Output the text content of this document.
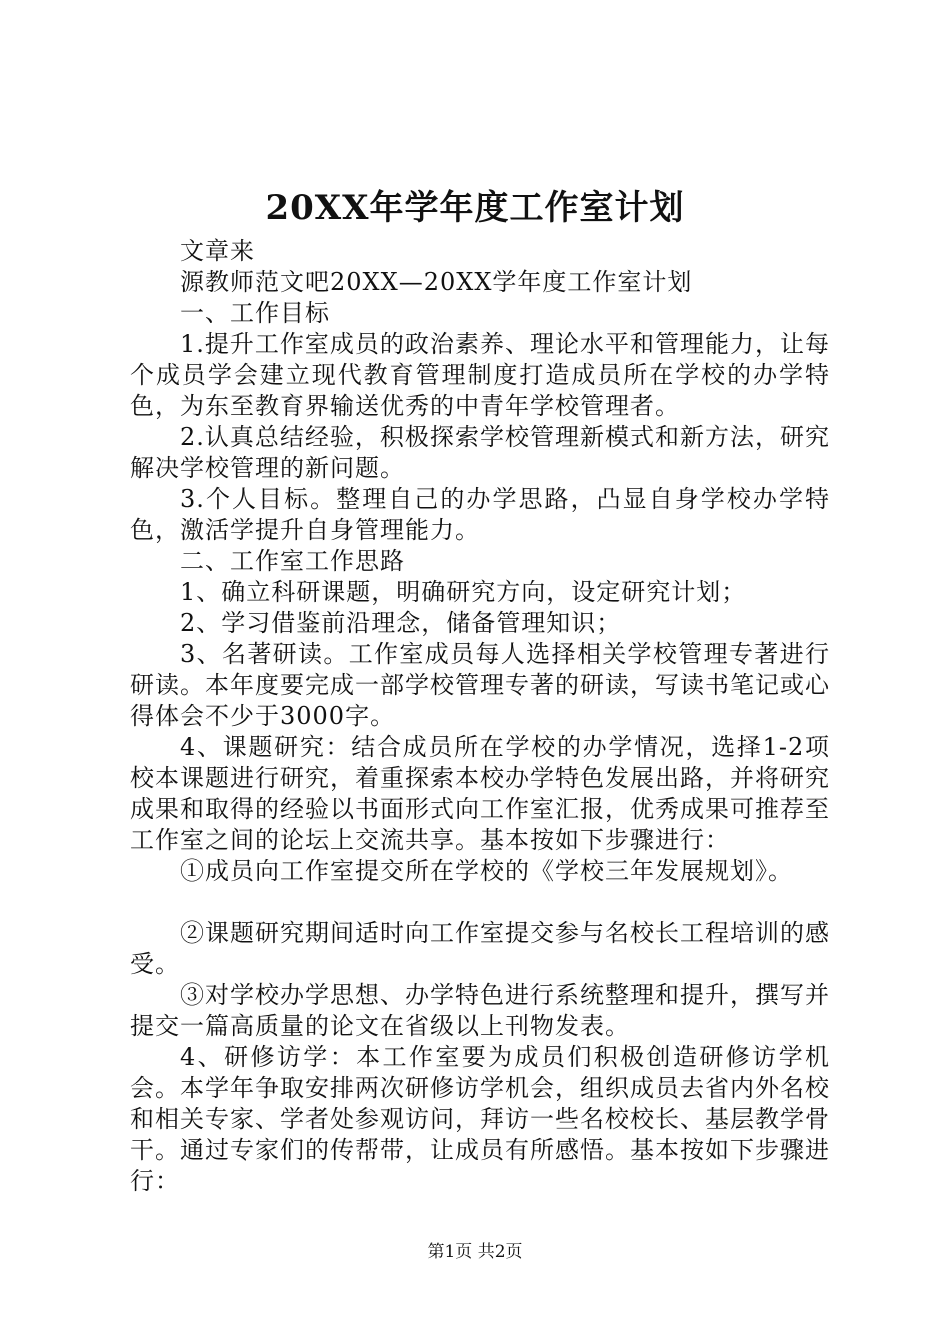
20XX年学年度工作室计划

文章来

源教师范文吧20XX—20XX学年度工作室计划

一、工作目标

1.提升工作室成员的政治素养、理论水平和管理能力，让每个成员学会建立现代教育管理制度打造成员所在学校的办学特色，为东至教育界输送优秀的中青年学校管理者。

2.认真总结经验，积极探索学校管理新模式和新方法，研究解决学校管理的新问题。

3.个人目标。整理自己的办学思路，凸显自身学校办学特色，激活学提升自身管理能力。

二、工作室工作思路

1、确立科研课题，明确研究方向，设定研究计划；

2、学习借鉴前沿理念，储备管理知识；

3、名著研读。工作室成员每人选择相关学校管理专著进行研读。本年度要完成一部学校管理专著的研读，写读书笔记或心得体会不少于3000字。

4、课题研究：结合成员所在学校的办学情况，选择1-2项校本课题进行研究，着重探索本校办学特色发展出路，并将研究成果和取得的经验以书面形式向工作室汇报，优秀成果可推荐至工作室之间的论坛上交流共享。基本按如下步骤进行：

①成员向工作室提交所在学校的《学校三年发展规划》。

②课题研究期间适时向工作室提交参与名校长工程培训的感受。

③对学校办学思想、办学特色进行系统整理和提升，撰写并提交一篇高质量的论文在省级以上刊物发表。

4、研修访学：本工作室要为成员们积极创造研修访学机会。本学年争取安排两次研修访学机会，组织成员去省内外名校和相关专家、学者处参观访问，拜访一些名校校长、基层教学骨干。通过专家们的传帮带，让成员有所感悟。基本按如下步骤进行：

第1页 共2页
